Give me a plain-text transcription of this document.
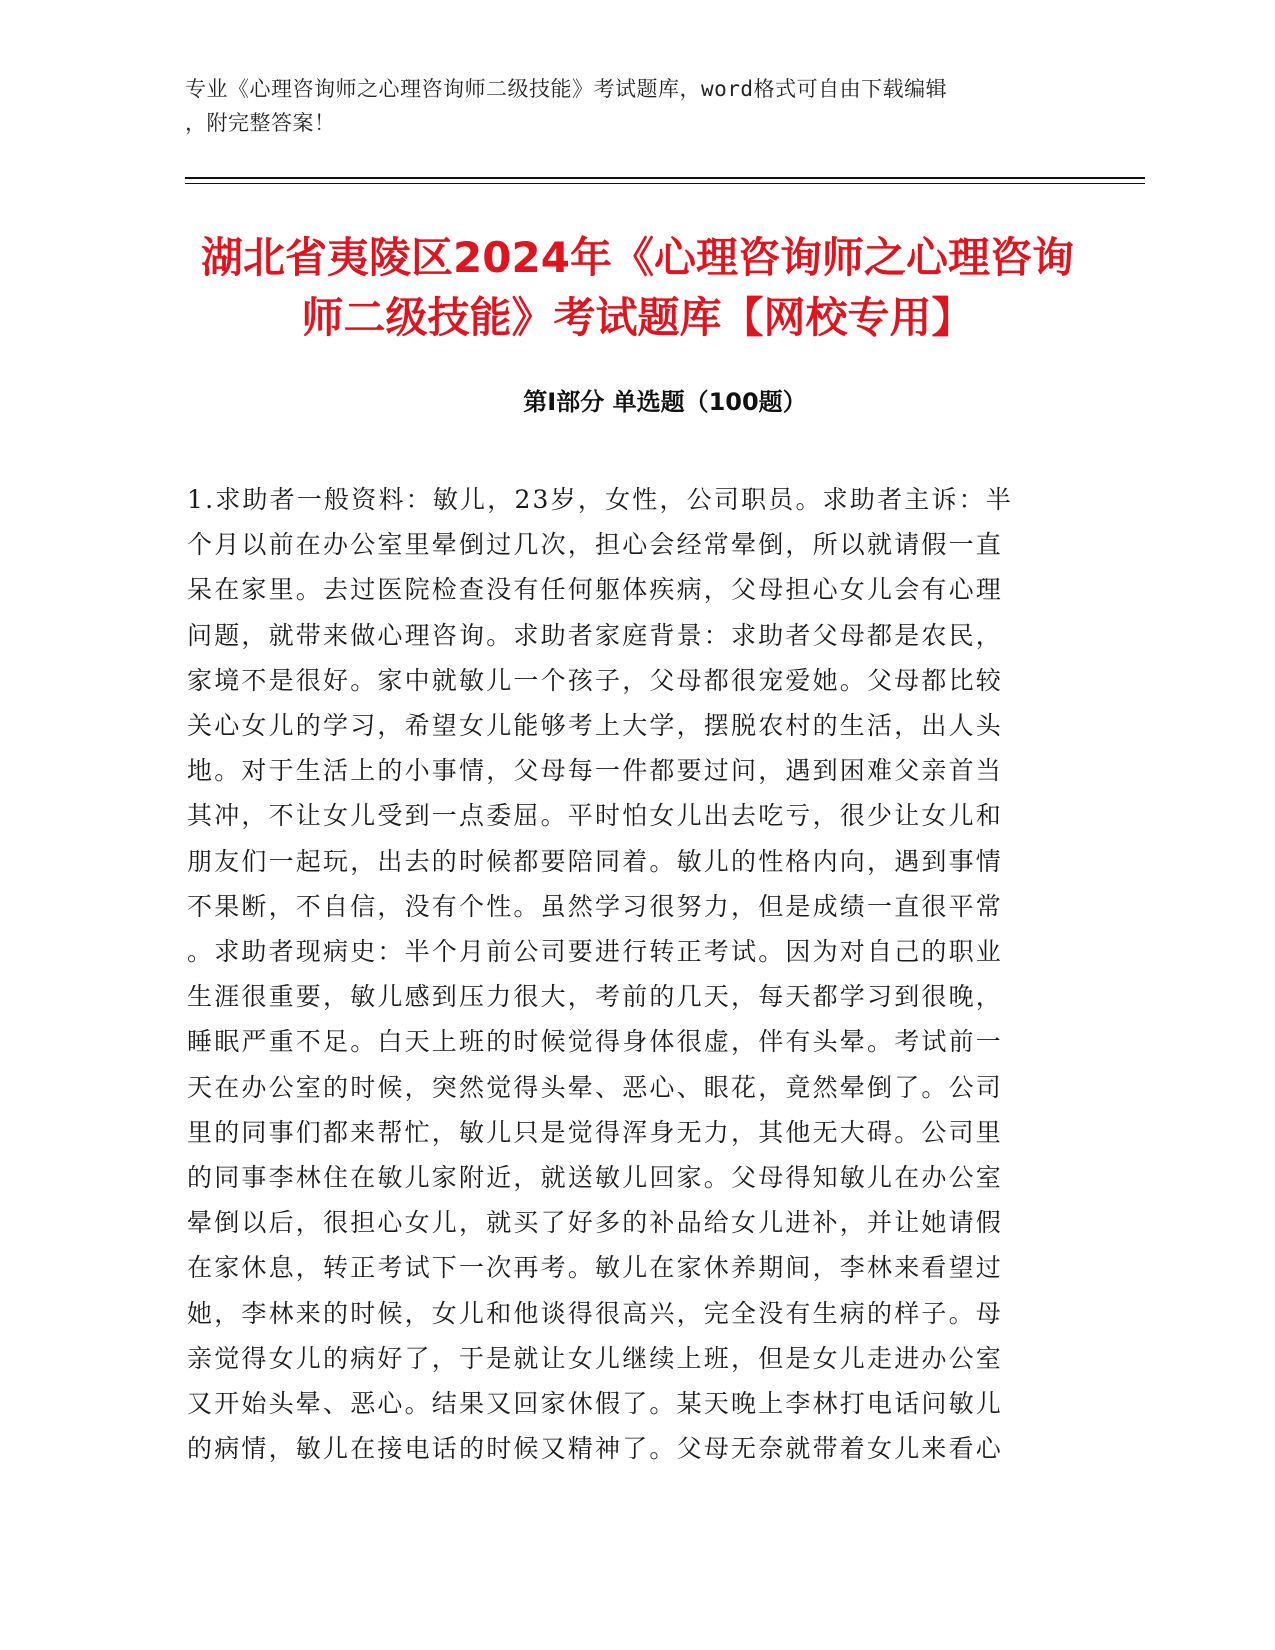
专业《心理咨询师之心理咨询师二级技能》考试题库，word格式可自由下载编辑
，附完整答案！
湖北省夷陵区2024年《心理咨询师之心理咨询
师二级技能》考试题库【网校专用】
第Ⅰ部分 单选题（100题）
1.求助者一般资料：敏儿，23岁，女性，公司职员。求助者主诉：半
个月以前在办公室里晕倒过几次，担心会经常晕倒，所以就请假一直
呆在家里。去过医院检查没有任何躯体疾病，父母担心女儿会有心理
问题，就带来做心理咨询。求助者家庭背景：求助者父母都是农民，
家境不是很好。家中就敏儿一个孩子，父母都很宠爱她。父母都比较
关心女儿的学习，希望女儿能够考上大学，摆脱农村的生活，出人头
地。对于生活上的小事情，父母每一件都要过问，遇到困难父亲首当
其冲，不让女儿受到一点委屈。平时怕女儿出去吃亏，很少让女儿和
朋友们一起玩，出去的时候都要陪同着。敏儿的性格内向，遇到事情
不果断，不自信，没有个性。虽然学习很努力，但是成绩一直很平常
。求助者现病史：半个月前公司要进行转正考试。因为对自己的职业
生涯很重要，敏儿感到压力很大，考前的几天，每天都学习到很晚，
睡眠严重不足。白天上班的时候觉得身体很虚，伴有头晕。考试前一
天在办公室的时候，突然觉得头晕、恶心、眼花，竟然晕倒了。公司
里的同事们都来帮忙，敏儿只是觉得浑身无力，其他无大碍。公司里
的同事李林住在敏儿家附近，就送敏儿回家。父母得知敏儿在办公室
晕倒以后，很担心女儿，就买了好多的补品给女儿进补，并让她请假
在家休息，转正考试下一次再考。敏儿在家休养期间，李林来看望过
她，李林来的时候，女儿和他谈得很高兴，完全没有生病的样子。母
亲觉得女儿的病好了，于是就让女儿继续上班，但是女儿走进办公室
又开始头晕、恶心。结果又回家休假了。某天晚上李林打电话问敏儿
的病情，敏儿在接电话的时候又精神了。父母无奈就带着女儿来看心
